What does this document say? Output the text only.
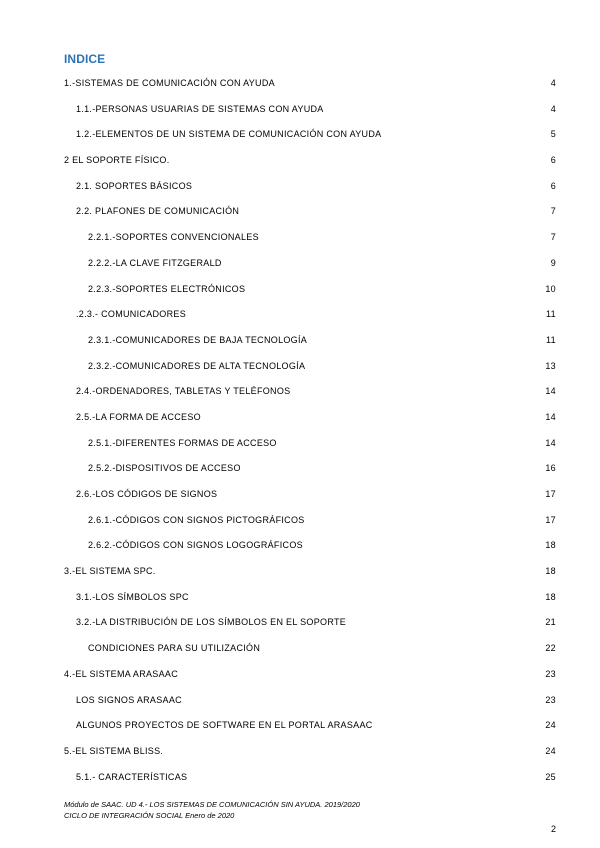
INDICE
1.-SISTEMAS DE COMUNICACIÓN CON AYUDA	4
1.1.-PERSONAS USUARIAS DE SISTEMAS CON AYUDA	4
1.2.-ELEMENTOS DE UN SISTEMA DE COMUNICACIÓN CON AYUDA	5
2 EL SOPORTE FÍSICO.	6
2.1. SOPORTES BÁSICOS	6
2.2. PLAFONES DE COMUNICACIÓN	7
2.2.1.-SOPORTES CONVENCIONALES	7
2.2.2.-LA CLAVE FITZGERALD	9
2.2.3.-SOPORTES ELECTRÓNICOS	10
.2.3.- COMUNICADORES	11
2.3.1.-COMUNICADORES DE BAJA TECNOLOGÍA	11
2.3.2.-COMUNICADORES DE ALTA TECNOLOGÍA	13
2.4.-ORDENADORES, TABLETAS Y TELÉFONOS	14
2.5.-LA FORMA DE ACCESO	14
2.5.1.-DIFERENTES FORMAS DE ACCESO	14
2.5.2.-DISPOSITIVOS DE ACCESO	16
2.6.-LOS CÓDIGOS DE SIGNOS	17
2.6.1.-CÓDIGOS CON SIGNOS PICTOGRÁFICOS	17
2.6.2.-CÓDIGOS CON SIGNOS LOGOGRÁFICOS	18
3.-EL SISTEMA SPC.	18
3.1.-LOS SÍMBOLOS SPC	18
3.2.-LA DISTRIBUCIÓN DE LOS SÍMBOLOS EN EL SOPORTE	21
CONDICIONES PARA SU UTILIZACIÓN	22
4.-EL SISTEMA ARASAAC	23
LOS SIGNOS ARASAAC	23
ALGUNOS PROYECTOS DE SOFTWARE EN EL PORTAL ARASAAC	24
5.-EL SISTEMA BLISS.	24
5.1.- CARACTERÍSTICAS	25
Módulo de SAAC. UD 4.- LOS SISTEMAS DE COMUNICACIÓN SIN AYUDA. 2019/2020
CICLO DE INTEGRACIÓN SOCIAL Enero de 2020
2
